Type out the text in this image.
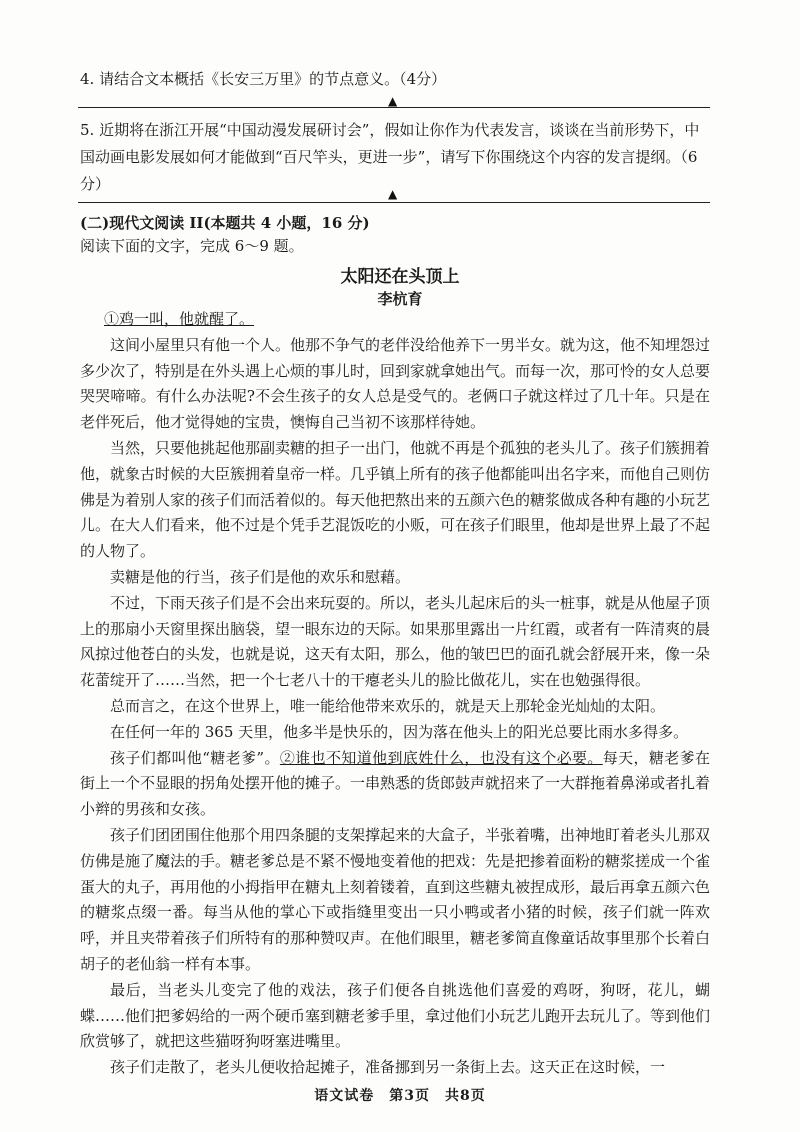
4. 请结合文本概括《长安三万里》的节点意义。（4分）
▲
5. 近期将在浙江开展“中国动漫发展研讨会”，假如让你作为代表发言，谈谈在当前形势下，中国动画电影发展如何才能做到“百尺竿头，更进一步”，请写下你围绕这个内容的发言提纲。（6分）
▲
(二)现代文阅读 II(本题共 4 小题，16 分)
阅读下面的文字，完成 6～9 题。
太阳还在头顶上
李杭育

①鸡一叫，他就醒了。

这间小屋里只有他一个人。他那不争气的老伴没给他养下一男半女。就为这，他不知埋怨过多少次了，特别是在外头遇上心烦的事儿时，回到家就拿她出气。而每一次，那可怜的女人总要哭哭啼啼。有什么办法呢?不会生孩子的女人总是受气的。老俩口子就这样过了几十年。只是在老伴死后，他才觉得她的宝贵，懊悔自己当初不该那样待她。

当然，只要他挑起他那副卖糖的担子一出门，他就不再是个孤独的老头儿了。孩子们簇拥着他，就象古时候的大臣簇拥着皇帝一样。几乎镇上所有的孩子他都能叫出名字来，而他自己则仿佛是为着别人家的孩子们而活着似的。每天他把熬出来的五颜六色的糖浆做成各种有趣的小玩艺儿。在大人们看来，他不过是个凭手艺混饭吃的小贩，可在孩子们眼里，他却是世界上最了不起的人物了。

卖糖是他的行当，孩子们是他的欢乐和慰藉。

不过，下雨天孩子们是不会出来玩耍的。所以，老头儿起床后的头一桩事，就是从他屋子顶上的那扇小天窗里探出脑袋，望一眼东边的天际。如果那里露出一片红霞，或者有一阵清爽的晨风掠过他苍白的头发，也就是说，这天有太阳，那么，他的皱巴巴的面孔就会舒展开来，像一朵花蕾绽开了……当然，把一个七老八十的干瘪老头儿的脸比做花儿，实在也勉强得很。

总而言之，在这个世界上，唯一能给他带来欢乐的，就是天上那轮金光灿灿的太阳。

在任何一年的 365 天里，他多半是快乐的，因为落在他头上的阳光总要比雨水多得多。

孩子们都叫他“糖老爹”。②谁也不知道他到底姓什么，也没有这个必要。每天，糖老爹在街上一个不显眼的拐角处摆开他的摊子。一串熟悉的货郎鼓声就招来了一大群拖着鼻涕或者扎着小辫的男孩和女孩。

孩子们团团围住他那个用四条腿的支架撑起来的大盒子，半张着嘴，出神地盯着老头儿那双仿佛是施了魔法的手。糖老爹总是不紧不慢地变着他的把戏：先是把掺着面粉的糖浆搓成一个雀蛋大的丸子，再用他的小拇指甲在糖丸上刻着镂着，直到这些糖丸被捏成形，最后再拿五颜六色的糖浆点缀一番。每当从他的掌心下或指缝里变出一只小鸭或者小猪的时候，孩子们就一阵欢呼，并且夹带着孩子们所特有的那种赞叹声。在他们眼里，糖老爹简直像童话故事里那个长着白胡子的老仙翁一样有本事。

最后，当老头儿变完了他的戏法，孩子们便各自挑选他们喜爱的鸡呀，狗呀，花儿，蝴蝶……他们把爹妈给的一两个硬币塞到糖老爹手里，拿过他们小玩艺儿跑开去玩儿了。等到他们欣赏够了，就把这些猫呀狗呀塞进嘴里。

孩子们走散了，老头儿便收拾起摊子，准备挪到另一条街上去。这天正在这时候，一

语文试卷　第3页　共8页
